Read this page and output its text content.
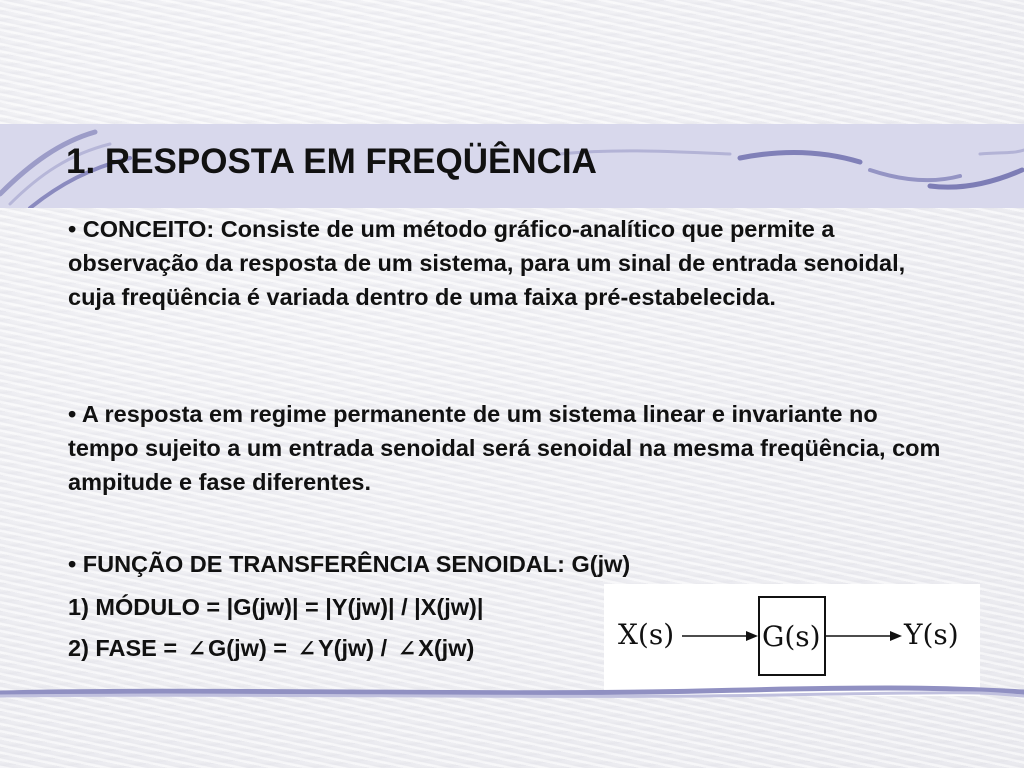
1. RESPOSTA EM FREQÜÊNCIA
• CONCEITO: Consiste de um método gráfico-analítico que permite a observação da resposta de um sistema, para um sinal de entrada senoidal, cuja freqüência é variada dentro de uma faixa pré-estabelecida.
• A resposta em regime permanente de um sistema linear e invariante no tempo sujeito a um entrada senoidal será senoidal na mesma freqüência, com ampitude e fase diferentes.
• FUNÇÃO DE TRANSFERÊNCIA SENOIDAL: G(jw)
1) MÓDULO = |G(jw)| = |Y(jw)| / |X(jw)|
2) FASE = ∠G(jw) = ∠Y(jw) / ∠X(jw)	X(s)	G(s)	Y(s)
